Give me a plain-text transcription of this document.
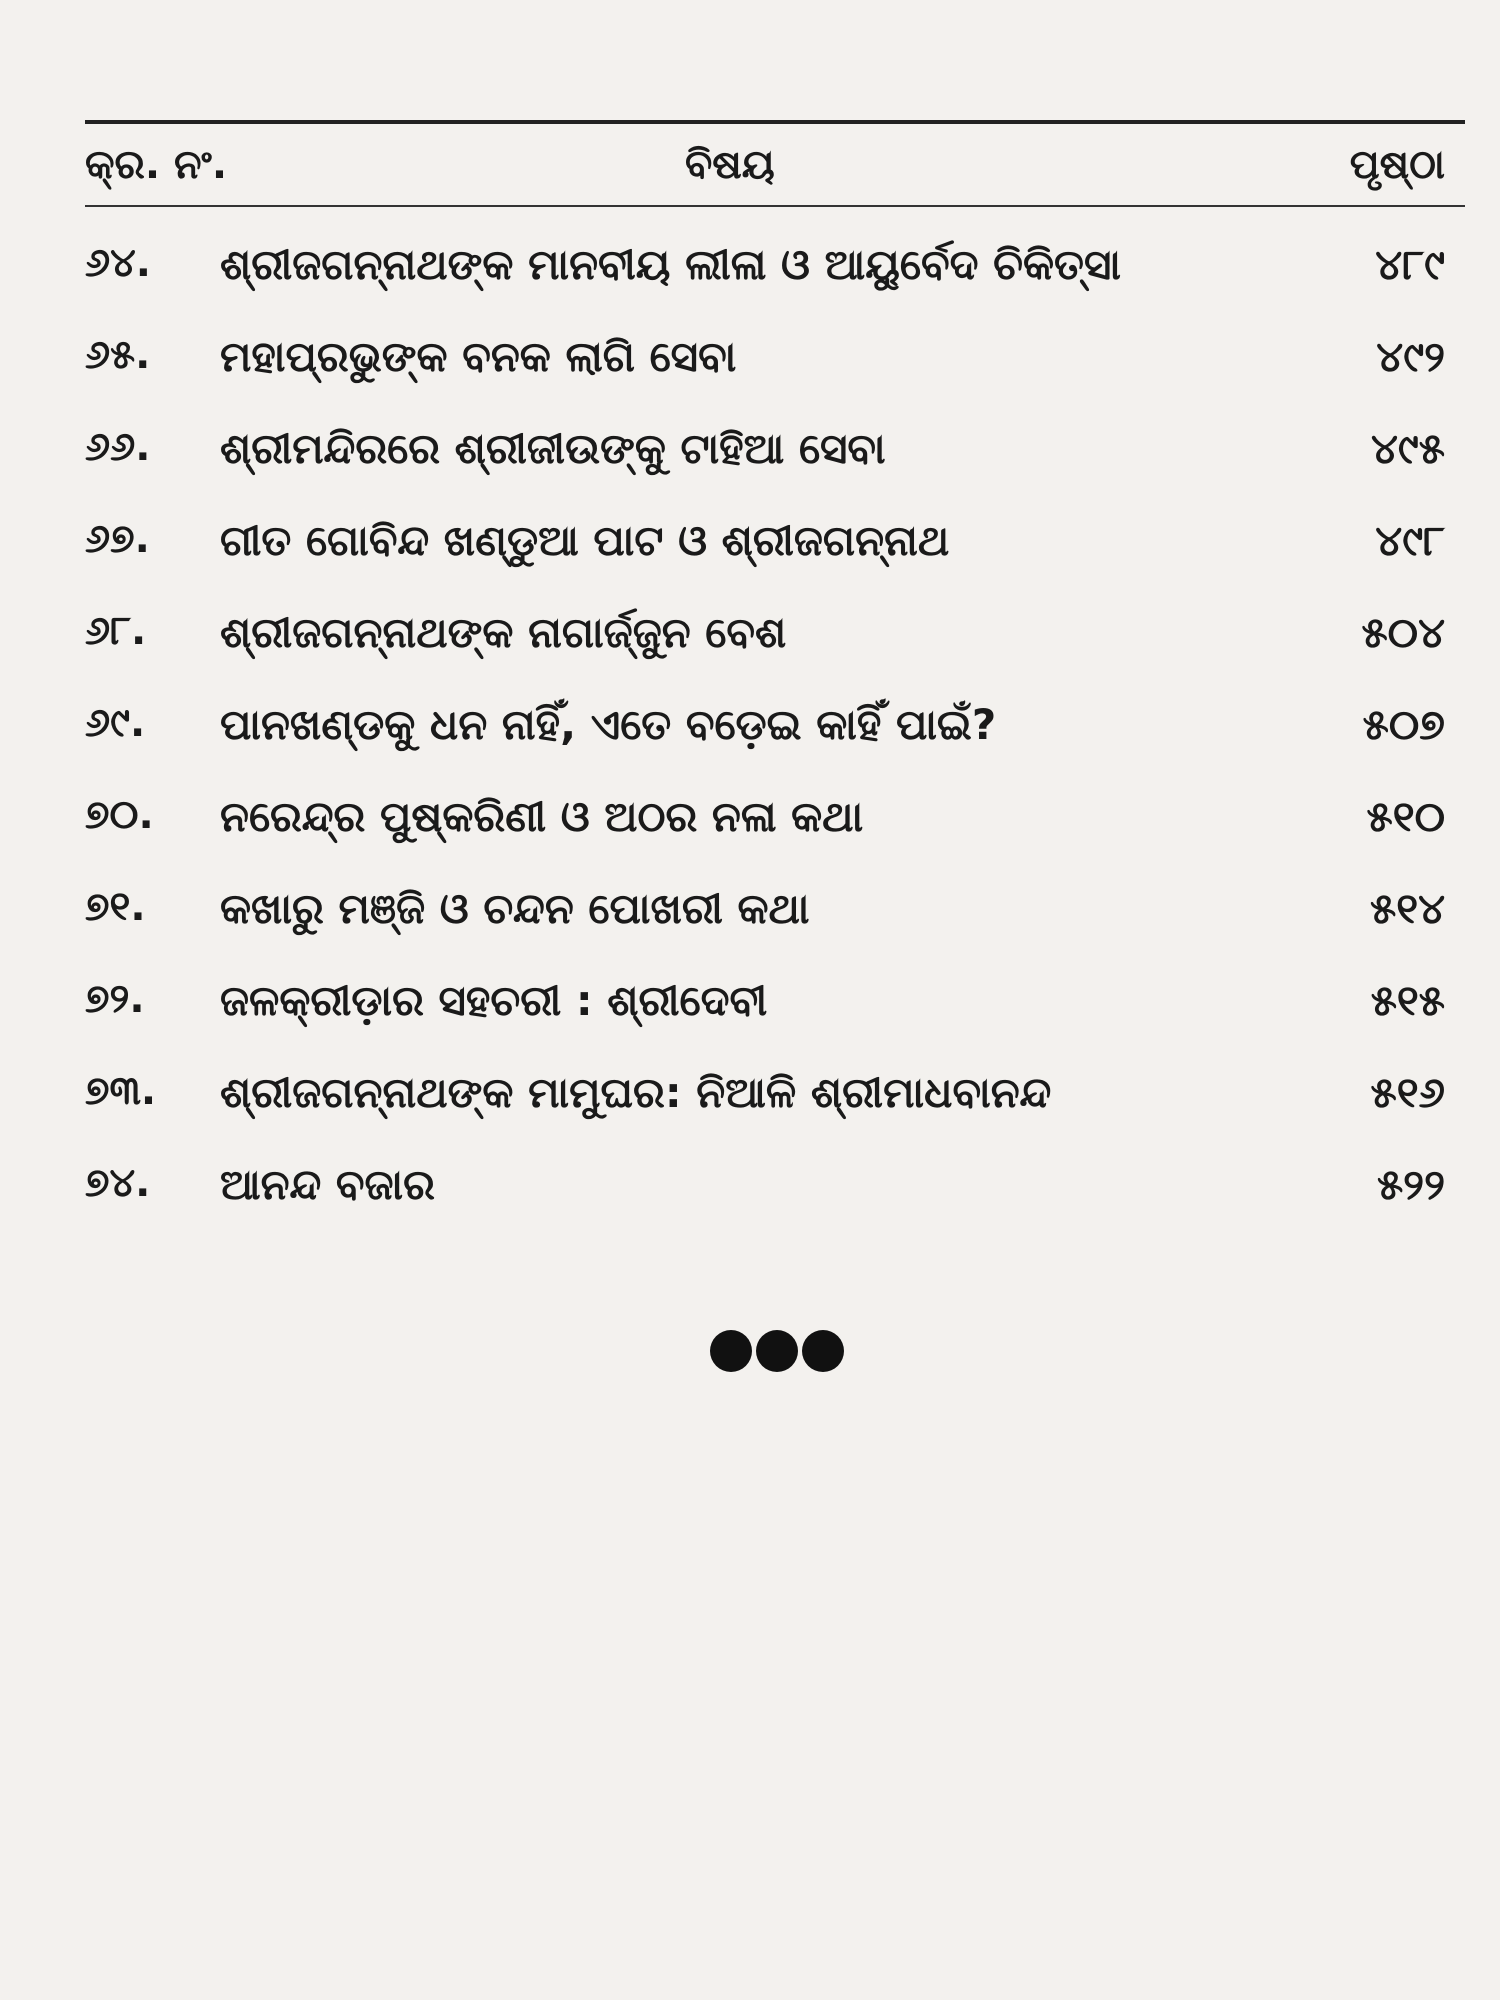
କ୍ର. ନଂ.	ବିଷୟ	ପୃଷ୍ଠା
୬୪.	ଶ୍ରୀଜଗନ୍ନାଥଙ୍କ ମାନବୀୟ ଲୀଳା ଓ ଆୟୁର୍ବେଦ ଚିକିତ୍ସା	୪୮୯
୬୫.	ମହାପ୍ରଭୁଙ୍କ ବନକ ଲାଗି ସେବା	୪୯୨
୬୬.	ଶ୍ରୀମନ୍ଦିରରେ ଶ୍ରୀଜୀଉଙ୍କୁ ଟାହିଆ ସେବା	୪୯୫
୬୭.	ଗୀତ ଗୋବିନ୍ଦ ଖଣ୍ଡୁଆ ପାଟ ଓ ଶ୍ରୀଜଗନ୍ନାଥ	୪୯୮
୬୮.	ଶ୍ରୀଜଗନ୍ନାଥଙ୍କ ନାଗାର୍ଜ୍ଜୁନ ବେଶ	୫୦୪
୬୯.	ପାନଖଣ୍ଡକୁ ଧନ ନାହିଁ, ଏତେ ବଡ଼େଇ କାହିଁ ପାଇଁ?	୫୦୭
୭୦.	ନରେନ୍ଦ୍ର ପୁଷ୍କରିଣୀ ଓ ଅଠର ନଳା କଥା	୫୧୦
୭୧.	କଖାରୁ ମଞ୍ଜି ଓ ଚନ୍ଦନ ପୋଖରୀ କଥା	୫୧୪
୭୨.	ଜଳକ୍ରୀଡ଼ାର ସହଚରୀ : ଶ୍ରୀଦେବୀ	୫୧୫
୭୩.	ଶ୍ରୀଜଗନ୍ନାଥଙ୍କ ମାମୁଘର: ନିଆଳି ଶ୍ରୀମାଧବାନନ୍ଦ	୫୧୬
୭୪.	ଆନନ୍ଦ ବଜାର	୫୨୨
